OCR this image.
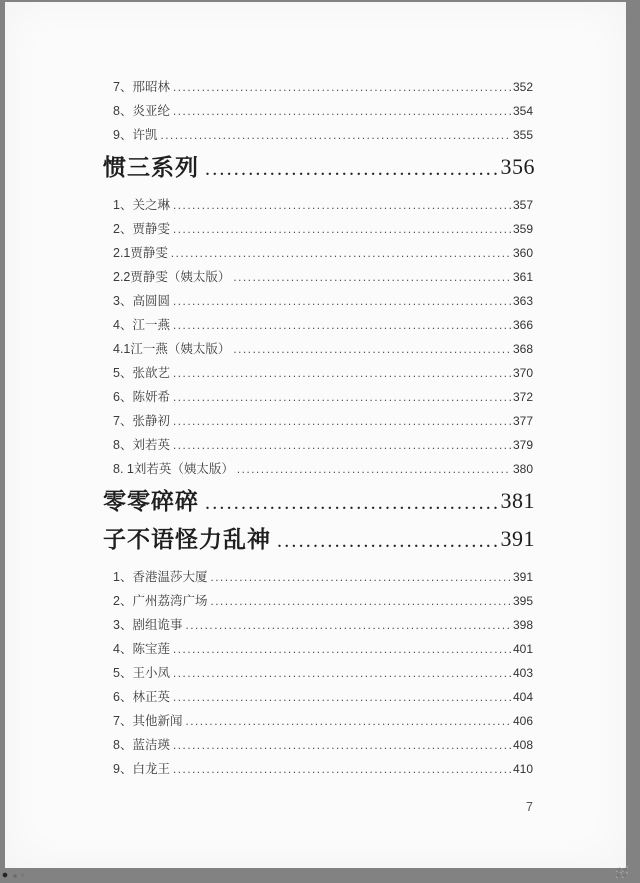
7、邢昭林 .....	352
8、炎亚纶 .....	354
9、许凯 .....	355
惯三系列 .....	356
1、关之琳 .....	357
2、贾静雯 .....	359
2.1贾静雯 .....	360
2.2贾静雯（姨太版） .....	361
3、高圆圆 .....	363
4、江一燕 .....	366
4.1江一燕（姨太版） .....	368
5、张歆艺 .....	370
6、陈妍希 .....	372
7、张静初 .....	377
8、刘若英 .....	379
8. 1刘若英（姨太版） .....	380
零零碎碎 .....	381
子不语怪力乱神 .....	391
1、香港温莎大厦 .....	391
2、广州荔湾广场 .....	395
3、剧组诡事 .....	398
4、陈宝莲 .....	401
5、王小凤 .....	403
6、林正英 .....	404
7、其他新闻 .....	406
8、蓝洁瑛 .....	408
9、白龙王 .....	410
7
